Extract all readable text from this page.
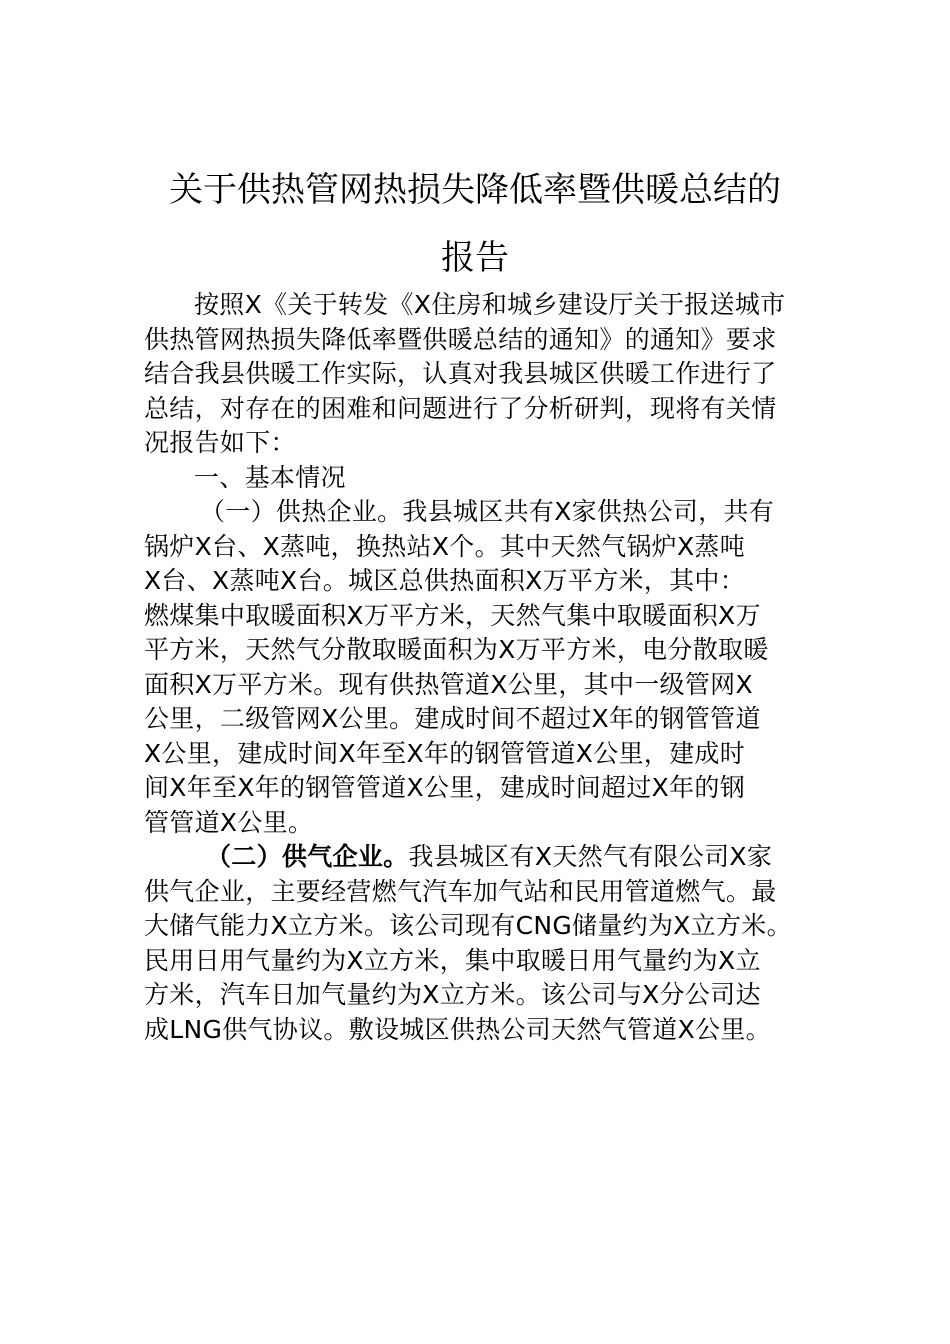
关于供热管网热损失降低率暨供暖总结的
报告
按照X《关于转发《X住房和城乡建设厅关于报送城市
供热管网热损失降低率暨供暖总结的通知》的通知》要求
结合我县供暖工作实际，认真对我县城区供暖工作进行了
总结，对存在的困难和问题进行了分析研判，现将有关情
况报告如下：
一、基本情况
（一）供热企业。我县城区共有X家供热公司，共有
锅炉X台、X蒸吨，换热站X个。其中天然气锅炉X蒸吨
X台、X蒸吨X台。城区总供热面积X万平方米，其中：
燃煤集中取暖面积X万平方米，天然气集中取暖面积X万
平方米，天然气分散取暖面积为X万平方米，电分散取暖
面积X万平方米。现有供热管道X公里，其中一级管网X
公里，二级管网X公里。建成时间不超过X年的钢管管道
X公里，建成时间X年至X年的钢管管道X公里，建成时
间X年至X年的钢管管道X公里，建成时间超过X年的钢
管管道X公里。
（二）供气企业。我县城区有X天然气有限公司X家
供气企业，主要经营燃气汽车加气站和民用管道燃气。最
大储气能力X立方米。该公司现有CNG储量约为X立方米。
民用日用气量约为X立方米，集中取暖日用气量约为X立
方米，汽车日加气量约为X立方米。该公司与X分公司达
成LNG供气协议。敷设城区供热公司天然气管道X公里。
